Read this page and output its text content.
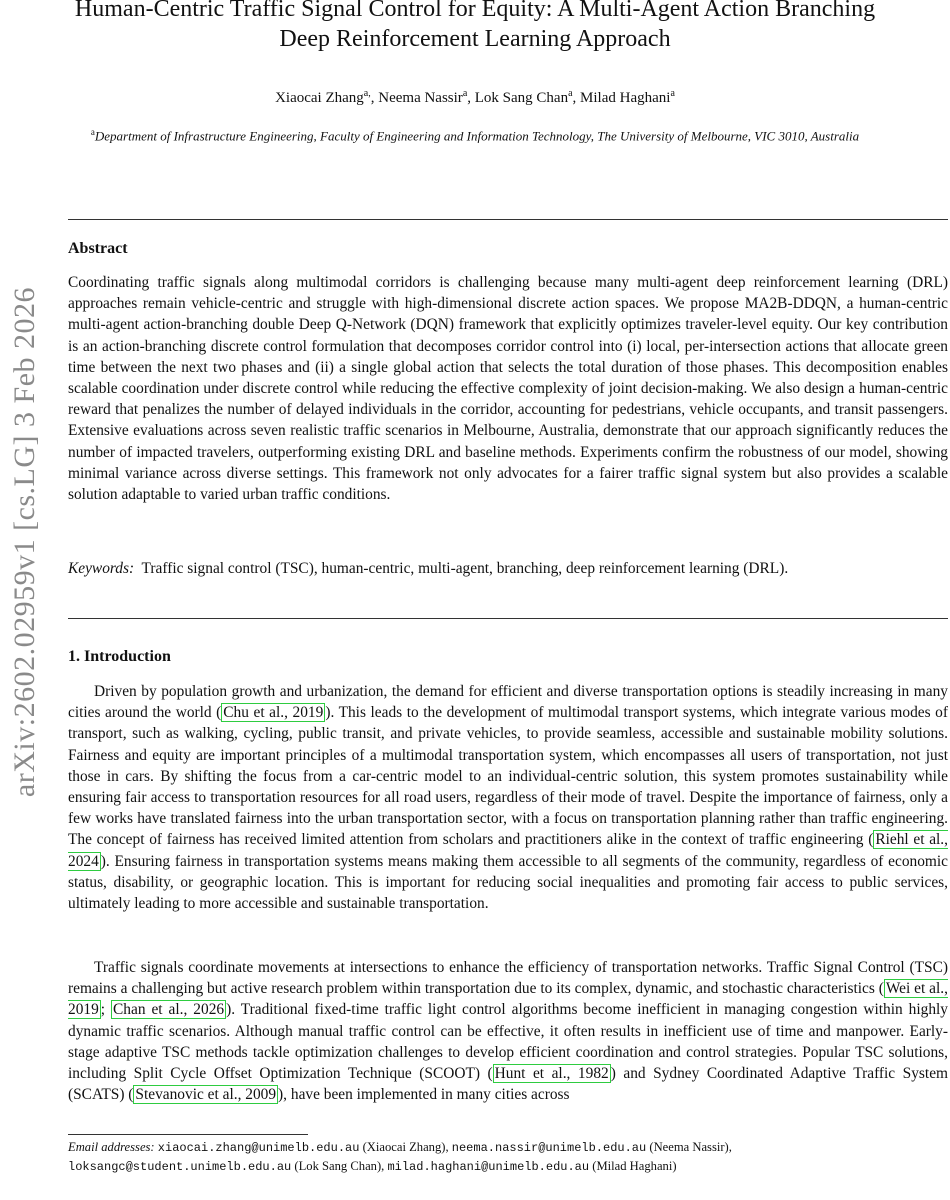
arXiv:2602.02959v1 [cs.LG] 3 Feb 2026
Human-Centric Traffic Signal Control for Equity: A Multi-Agent Action Branching Deep Reinforcement Learning Approach
Xiaocai Zhang$^{a,}$, Neema Nassir$^a$, Lok Sang Chan$^a$, Milad Haghani$^a$
$^a$Department of Infrastructure Engineering, Faculty of Engineering and Information Technology, The University of Melbourne, VIC 3010, Australia
Abstract
Coordinating traffic signals along multimodal corridors is challenging because many multi-agent deep reinforcement learning (DRL) approaches remain vehicle-centric and struggle with high-dimensional discrete action spaces. We propose MA2B-DDQN, a human-centric multi-agent action-branching double Deep Q-Network (DQN) framework that explicitly optimizes traveler-level equity. Our key contribution is an action-branching discrete control formulation that decomposes corridor control into (i) local, per-intersection actions that allocate green time between the next two phases and (ii) a single global action that selects the total duration of those phases. This decomposition enables scalable coordination under discrete control while reducing the effective complexity of joint decision-making. We also design a human-centric reward that penalizes the number of delayed individuals in the corridor, accounting for pedestrians, vehicle occupants, and transit passengers. Extensive evaluations across seven realistic traffic scenarios in Melbourne, Australia, demonstrate that our approach significantly reduces the number of impacted travelers, outperforming existing DRL and baseline methods. Experiments confirm the robustness of our model, showing minimal variance across diverse settings. This framework not only advocates for a fairer traffic signal system but also provides a scalable solution adaptable to varied urban traffic conditions.
Keywords: Traffic signal control (TSC), human-centric, multi-agent, branching, deep reinforcement learning (DRL).
1. Introduction
Driven by population growth and urbanization, the demand for efficient and diverse transportation options is steadily increasing in many cities around the world ( Chu et al., 2019 ). This leads to the development of multimodal transport systems, which integrate various modes of transport, such as walking, cycling, public transit, and private vehicles, to provide seamless, accessible and sustainable mobility solutions. Fairness and equity are important principles of a multimodal transportation system, which encompasses all users of transportation, not just those in cars. By shifting the focus from a car-centric model to an individual-centric solution, this system promotes sustainability while ensuring fair access to transportation resources for all road users, regardless of their mode of travel. Despite the importance of fairness, only a few works have translated fairness into the urban transportation sector, with a focus on transportation planning rather than traffic engineering. The concept of fairness has received limited attention from scholars and practitioners alike in the context of traffic engineering ( Riehl et al., 2024 ). Ensuring fairness in transportation systems means making them accessible to all segments of the community, regardless of economic status, disability, or geographic location. This is important for reducing social inequalities and promoting fair access to public services, ultimately leading to more accessible and sustainable transportation.
Traffic signals coordinate movements at intersections to enhance the efficiency of transportation networks. Traffic Signal Control (TSC) remains a challenging but active research problem within transportation due to its complex, dynamic, and stochastic characteristics ( Wei et al., 2019 ; Chan et al., 2026 ). Traditional fixed-time traffic light control algorithms become inefficient in managing congestion within highly dynamic traffic scenarios. Although manual traffic control can be effective, it often results in inefficient use of time and manpower. Early-stage adaptive TSC methods tackle optimization challenges to develop efficient coordination and control strategies. Popular TSC solutions, including Split Cycle Offset Optimization Technique (SCOOT) ( Hunt et al., 1982 ) and Sydney Coordinated Adaptive Traffic System (SCATS) ( Stevanovic et al., 2009 ), have been implemented in many cities across
Email addresses: xiaocai.zhang@unimelb.edu.au (Xiaocai Zhang), neema.nassir@unimelb.edu.au (Neema Nassir),
loksangc@student.unimelb.edu.au (Lok Sang Chan), milad.haghani@unimelb.edu.au (Milad Haghani)
